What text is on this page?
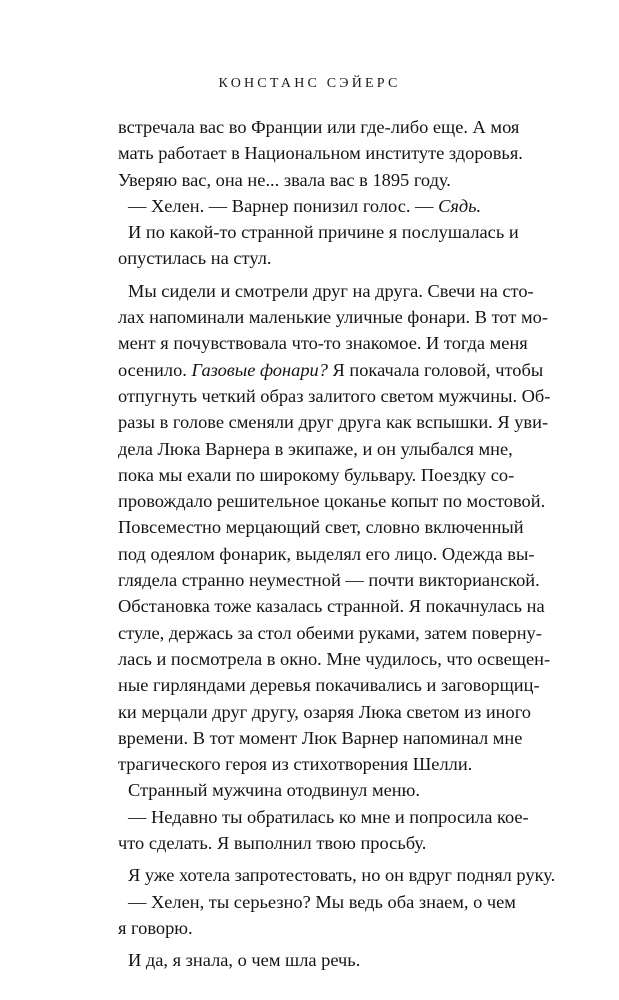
КОНСТАНС СЭЙЕРС
встречала вас во Франции или где-либо еще. А моя
мать работает в Национальном институте здоровья.
Уверяю вас, она не... звала вас в 1895 году.
— Хелен. — Варнер понизил голос. — Сядь.
И по какой-то странной причине я послушалась и
опустилась на стул.
Мы сидели и смотрели друг на друга. Свечи на сто-
лах напоминали маленькие уличные фонари. В тот мо-
мент я почувствовала что-то знакомое. И тогда меня
осенило. Газовые фонари? Я покачала головой, чтобы
отпугнуть четкий образ залитого светом мужчины. Об-
разы в голове сменяли друг друга как вспышки. Я уви-
дела Люка Варнера в экипаже, и он улыбался мне,
пока мы ехали по широкому бульвару. Поездку со-
провождало решительное цоканье копыт по мостовой.
Повсеместно мерцающий свет, словно включенный
под одеялом фонарик, выделял его лицо. Одежда вы-
глядела странно неуместной — почти викторианской.
Обстановка тоже казалась странной. Я покачнулась на
стуле, держась за стол обеими руками, затем поверну-
лась и посмотрела в окно. Мне чудилось, что освещен-
ные гирляндами деревья покачивались и заговорщиц-
ки мерцали друг другу, озаряя Люка светом из иного
времени. В тот момент Люк Варнер напоминал мне
трагического героя из стихотворения Шелли.
Странный мужчина отодвинул меню.
— Недавно ты обратилась ко мне и попросила кое-
что сделать. Я выполнил твою просьбу.
Я уже хотела запротестовать, но он вдруг поднял руку.
— Хелен, ты серьезно? Мы ведь оба знаем, о чем
я говорю.
И да, я знала, о чем шла речь.
